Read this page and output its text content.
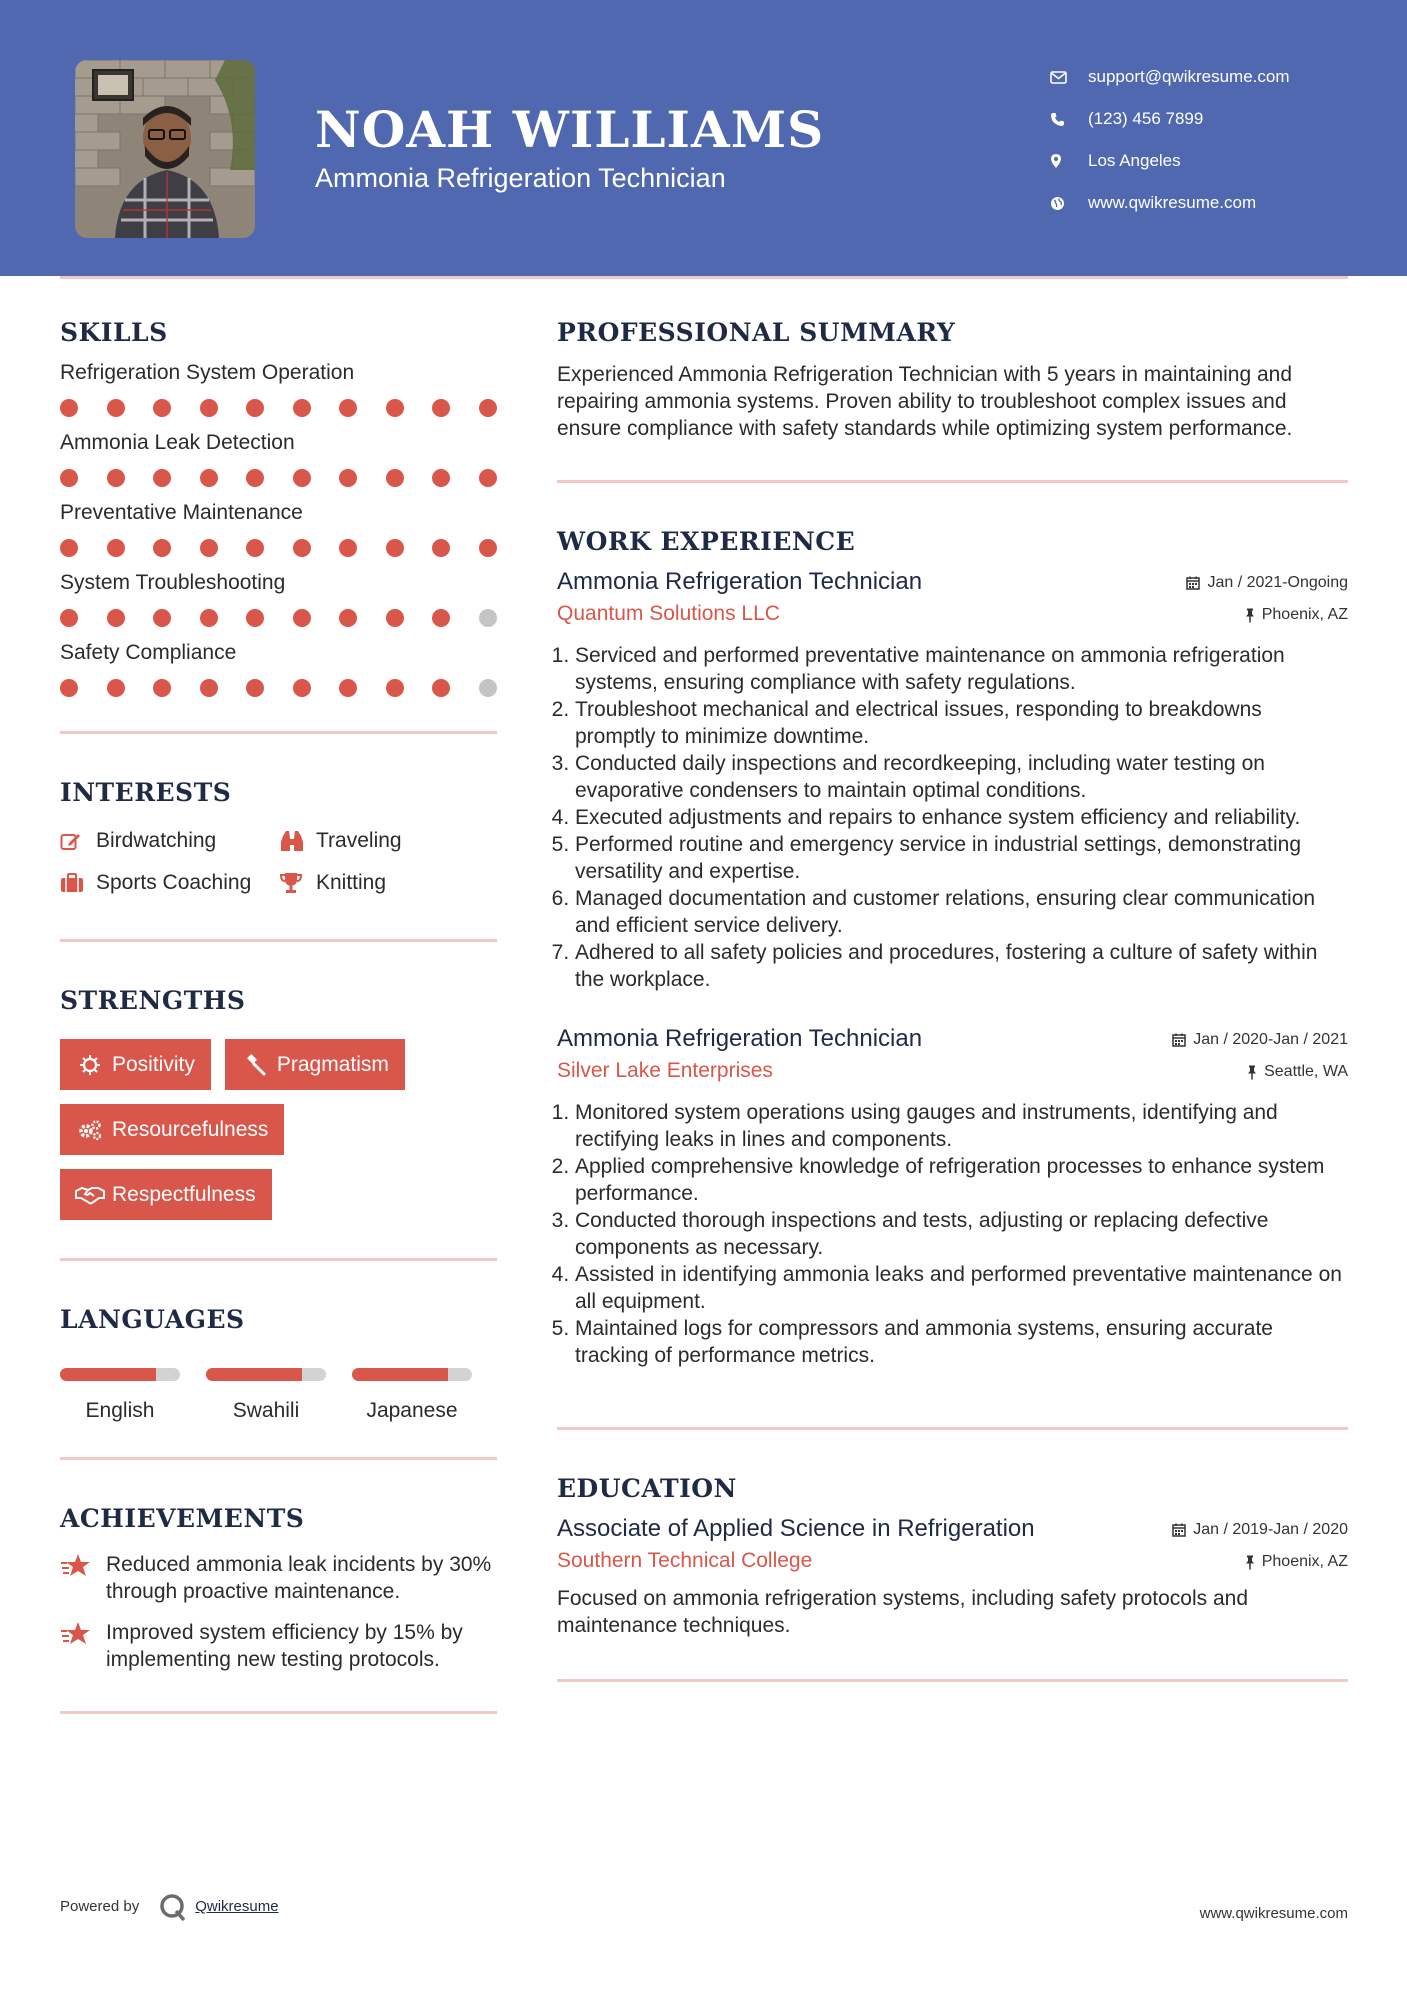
NOAH WILLIAMS
Ammonia Refrigeration Technician
support@qwikresume.com
(123) 456 7899
Los Angeles
www.qwikresume.com
SKILLS
Refrigeration System Operation
Ammonia Leak Detection
Preventative Maintenance
System Troubleshooting
Safety Compliance
INTERESTS
Birdwatching	Traveling
Sports Coaching	Knitting
STRENGTHS
Positivity	Pragmatism
Resourcefulness
Respectfulness
LANGUAGES
English	Swahili	Japanese
ACHIEVEMENTS
Reduced ammonia leak incidents by 30% through proactive maintenance.
Improved system efficiency by 15% by implementing new testing protocols.
PROFESSIONAL SUMMARY
Experienced Ammonia Refrigeration Technician with 5 years in maintaining and repairing ammonia systems. Proven ability to troubleshoot complex issues and ensure compliance with safety standards while optimizing system performance.
WORK EXPERIENCE
Ammonia Refrigeration Technician	Jan / 2021-Ongoing
Quantum Solutions LLC	Phoenix, AZ
1. Serviced and performed preventative maintenance on ammonia refrigeration systems, ensuring compliance with safety regulations.
2. Troubleshoot mechanical and electrical issues, responding to breakdowns promptly to minimize downtime.
3. Conducted daily inspections and recordkeeping, including water testing on evaporative condensers to maintain optimal conditions.
4. Executed adjustments and repairs to enhance system efficiency and reliability.
5. Performed routine and emergency service in industrial settings, demonstrating versatility and expertise.
6. Managed documentation and customer relations, ensuring clear communication and efficient service delivery.
7. Adhered to all safety policies and procedures, fostering a culture of safety within the workplace.
Ammonia Refrigeration Technician	Jan / 2020-Jan / 2021
Silver Lake Enterprises	Seattle, WA
1. Monitored system operations using gauges and instruments, identifying and rectifying leaks in lines and components.
2. Applied comprehensive knowledge of refrigeration processes to enhance system performance.
3. Conducted thorough inspections and tests, adjusting or replacing defective components as necessary.
4. Assisted in identifying ammonia leaks and performed preventative maintenance on all equipment.
5. Maintained logs for compressors and ammonia systems, ensuring accurate tracking of performance metrics.
EDUCATION
Associate of Applied Science in Refrigeration	Jan / 2019-Jan / 2020
Southern Technical College	Phoenix, AZ
Focused on ammonia refrigeration systems, including safety protocols and maintenance techniques.
Powered by	Qwikresume	www.qwikresume.com
